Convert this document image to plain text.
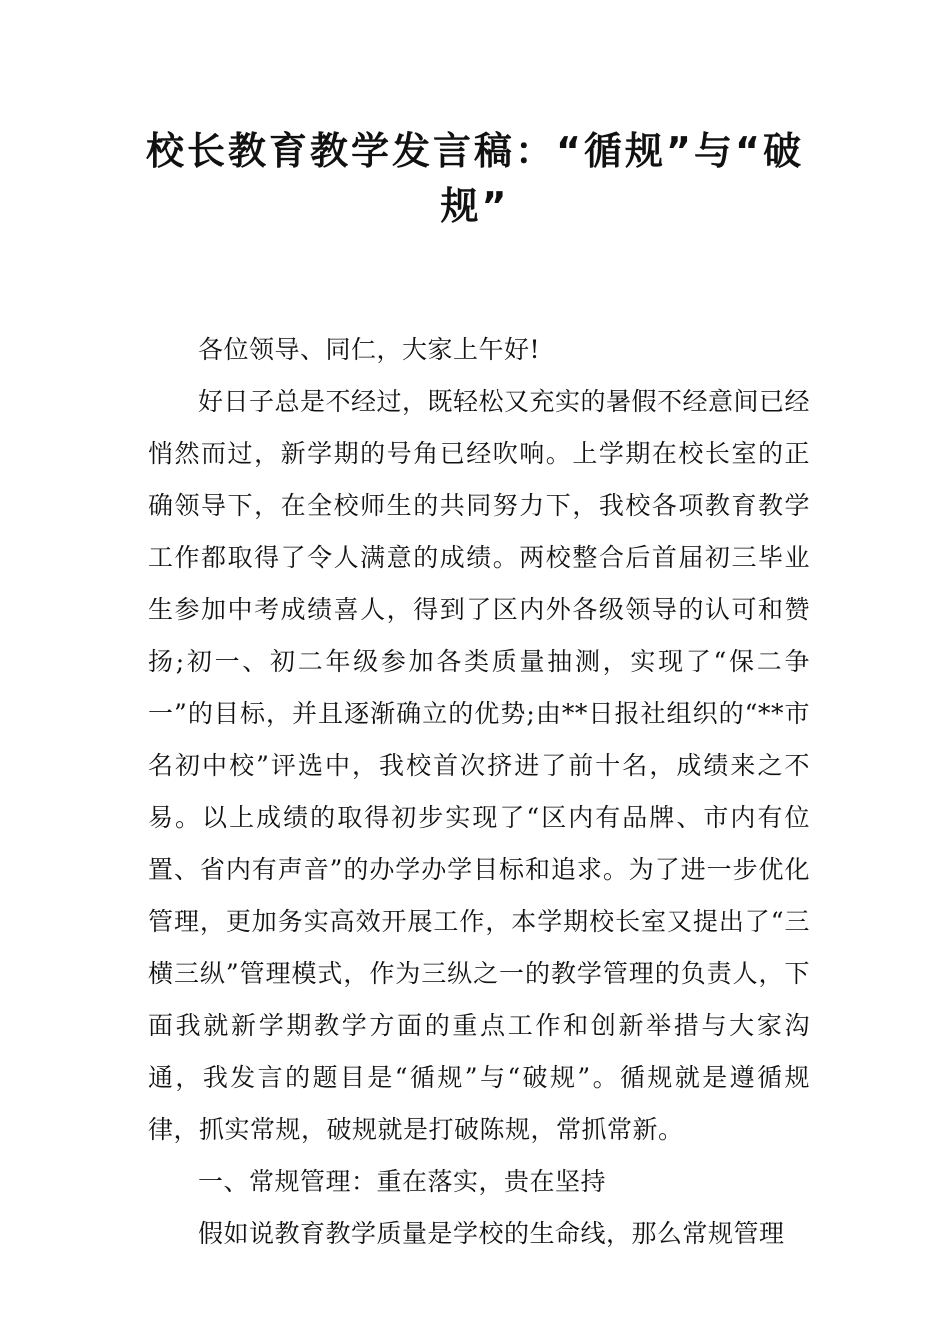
校长教育教学发言稿：“循规”与“破规”

各位领导、同仁，大家上午好!

好日子总是不经过，既轻松又充实的暑假不经意间已经悄然而过，新学期的号角已经吹响。上学期在校长室的正确领导下，在全校师生的共同努力下，我校各项教育教学工作都取得了令人满意的成绩。两校整合后首届初三毕业生参加中考成绩喜人，得到了区内外各级领导的认可和赞扬;初一、初二年级参加各类质量抽测，实现了“保二争一”的目标，并且逐渐确立的优势;由**日报社组织的“**市名初中校”评选中，我校首次挤进了前十名，成绩来之不易。以上成绩的取得初步实现了“区内有品牌、市内有位置、省内有声音”的办学办学目标和追求。为了进一步优化管理，更加务实高效开展工作，本学期校长室又提出了“三横三纵”管理模式，作为三纵之一的教学管理的负责人，下面我就新学期教学方面的重点工作和创新举措与大家沟通，我发言的题目是“循规”与“破规”。循规就是遵循规律，抓实常规，破规就是打破陈规，常抓常新。

一、常规管理：重在落实，贵在坚持

假如说教育教学质量是学校的生命线，那么常规管理
